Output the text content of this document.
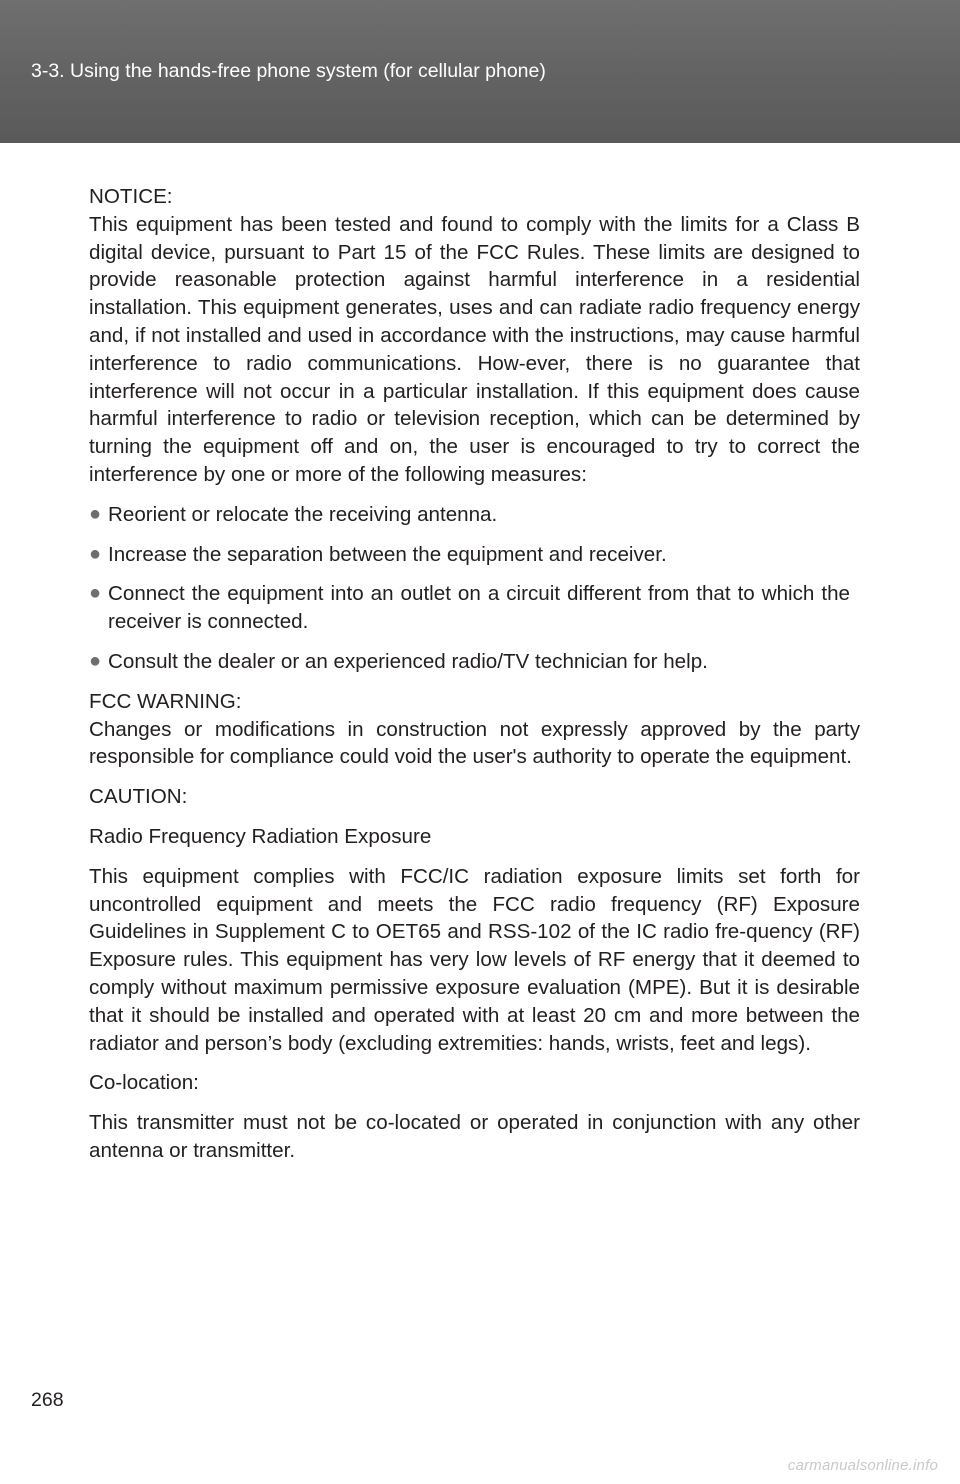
3-3. Using the hands-free phone system (for cellular phone)
NOTICE:
This equipment has been tested and found to comply with the limits for a Class B digital device, pursuant to Part 15 of the FCC Rules. These limits are designed to provide reasonable protection against harmful interference in a residential installation. This equipment generates, uses and can radiate radio frequency energy and, if not installed and used in accordance with the instructions, may cause harmful interference to radio communications. How-ever, there is no guarantee that interference will not occur in a particular installation. If this equipment does cause harmful interference to radio or television reception, which can be determined by turning the equipment off and on, the user is encouraged to try to correct the interference by one or more of the following measures:
● Reorient or relocate the receiving antenna.
● Increase the separation between the equipment and receiver.
● Connect the equipment into an outlet on a circuit different from that to which the receiver is connected.
● Consult the dealer or an experienced radio/TV technician for help.
FCC WARNING:
Changes or modifications in construction not expressly approved by the party responsible for compliance could void the user's authority to operate the equipment.
CAUTION:
Radio Frequency Radiation Exposure
This equipment complies with FCC/IC radiation exposure limits set forth for uncontrolled equipment and meets the FCC radio frequency (RF) Exposure Guidelines in Supplement C to OET65 and RSS-102 of the IC radio fre-quency (RF) Exposure rules. This equipment has very low levels of RF energy that it deemed to comply without maximum permissive exposure evaluation (MPE). But it is desirable that it should be installed and operated with at least 20 cm and more between the radiator and person’s body (excluding extremities: hands, wrists, feet and legs).
Co-location:
This transmitter must not be co-located or operated in conjunction with any other antenna or transmitter.
268
carmanualsonline.info
